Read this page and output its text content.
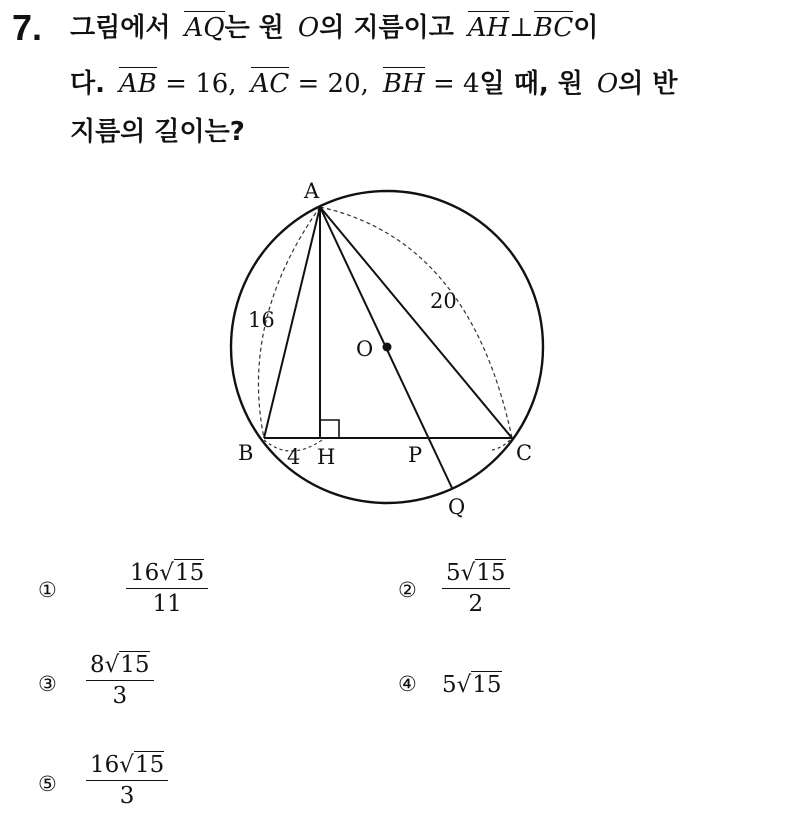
7. 그림에서 AQ는 원 O의 지름이고 AH⊥BC이
다. AB = 16, AC = 20, BH = 4일 때, 원 O의 반
지름의 길이는?
A
B	C
H	P
Q
O
16
20
4
①	$\frac{16√15}{11}$	② $\frac{5√15}{2}$
③ $\frac{8√15}{3}$	④ 5√15
⑤ $\frac{16√15}{3}$
